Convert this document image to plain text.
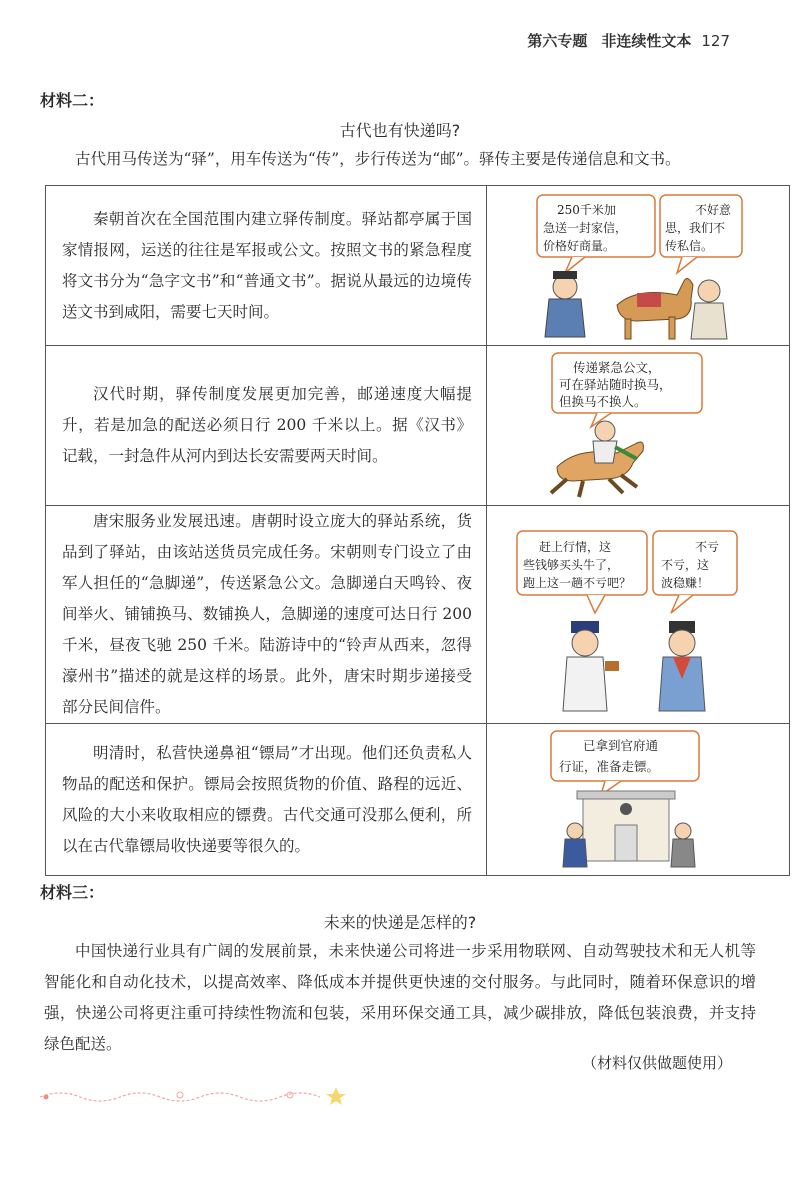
第六专题 非连续性文本 127
材料二：
古代也有快递吗?
古代用马传送为“驿”，用车传送为“传”，步行传送为“邮”。驿传主要是传递信息和文书。
秦朝首次在全国范围内建立驿传制度。驿站都亭属于国家情报网，运送的往往是军报或公文。按照文书的紧急程度将文书分为“急字文书”和“普通文书”。据说从最远的边境传送文书到咸阳，需要七天时间。	250千米加 急送一封家信， 价格好商量。
不好意 思，我们不 传私信。

汉代时期，驿传制度发展更加完善，邮递速度大幅提升，若是加急的配送必须日行 200 千米以上。据《汉书》记载，一封急件从河内到达长安需要两天时间。	传递紧急公文， 可在驿站随时换马， 但换马不换人。

唐宋服务业发展迅速。唐朝时设立庞大的驿站系统，货品到了驿站，由该站送货员完成任务。宋朝则专门设立了由军人担任的“急脚递”，传送紧急公文。急脚递白天鸣铃、夜间举火、铺铺换马、数铺换人，急脚递的速度可达日行 200 千米，昼夜飞驰 250 千米。陆游诗中的“铃声从西来，忽得濠州书”描述的就是这样的场景。此外，唐宋时期步递接受部分民间信件。	赶上行情，这 些钱够买头牛了， 跑上这一趟不亏吧？
不亏 不亏，这 波稳赚！

明清时，私营快递鼻祖“镖局”才出现。他们还负责私人物品的配送和保护。镖局会按照货物的价值、路程的远近、风险的大小来收取相应的镖费。古代交通可没那么便利，所以在古代靠镖局收快递要等很久的。	已拿到官府通 行证，准备走镖。
材料三：
未来的快递是怎样的?
中国快递行业具有广阔的发展前景，未来快递公司将进一步采用物联网、自动驾驶技术和无人机等智能化和自动化技术，以提高效率、降低成本并提供更快速的交付服务。与此同时，随着环保意识的增强，快递公司将更注重可持续性物流和包装，采用环保交通工具，减少碳排放，降低包装浪费，并支持绿色配送。
（材料仅供做题使用）
